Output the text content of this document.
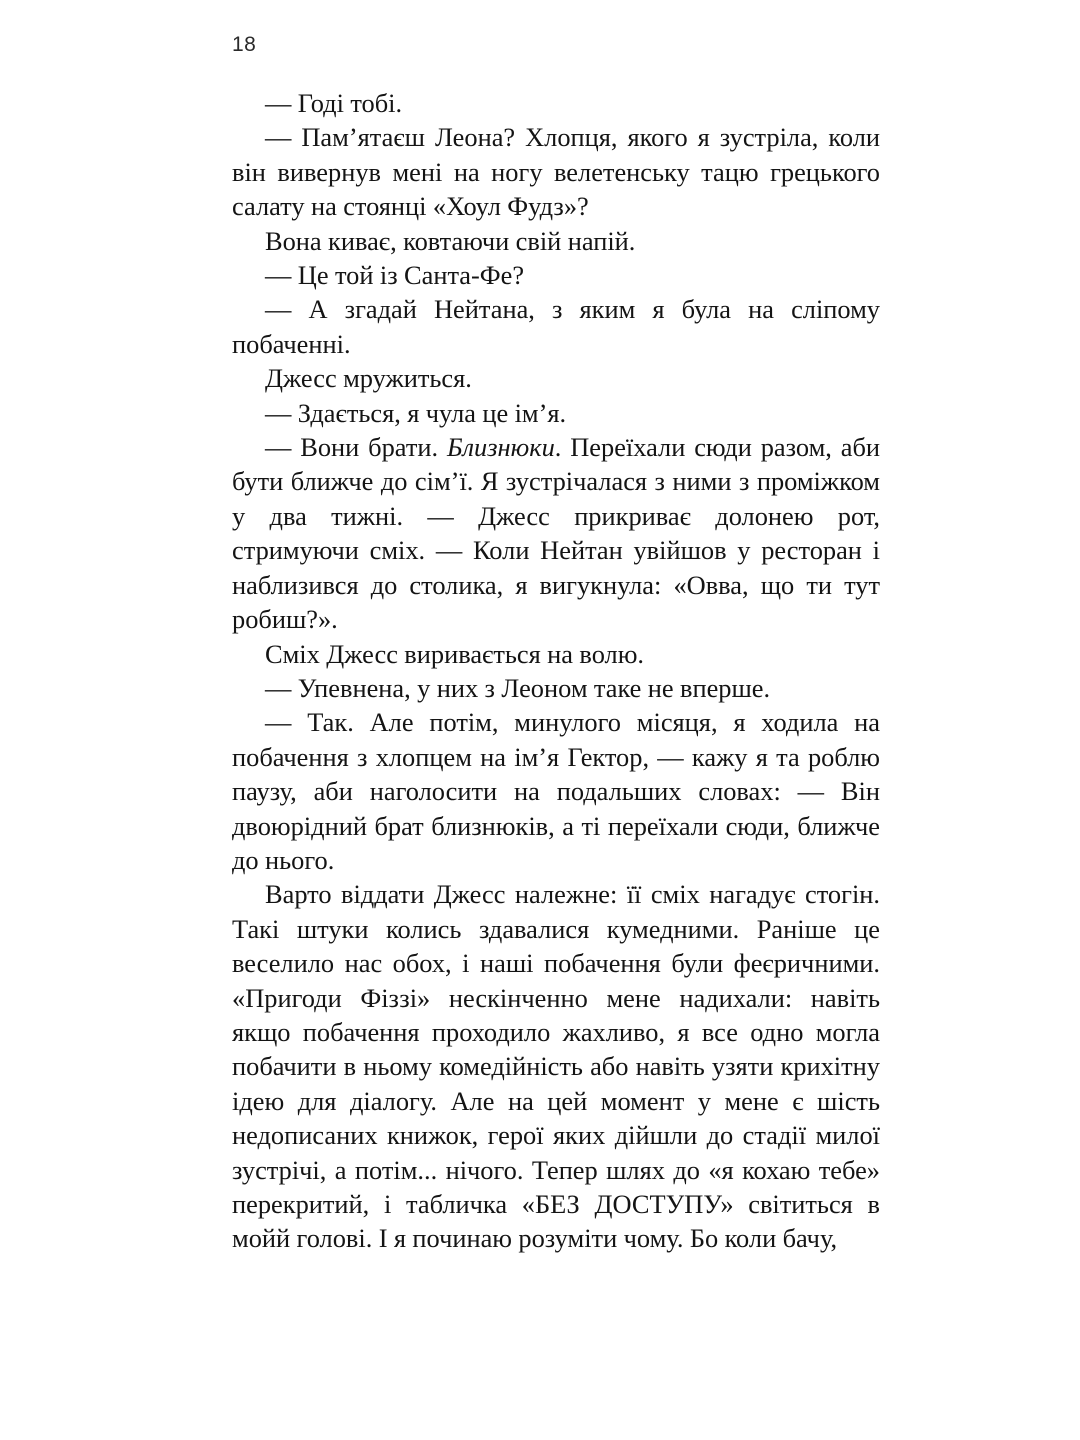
18

— Годі тобі.

— Пам’ятаєш Леона? Хлопця, якого я зустріла, коли він вивернув мені на ногу велетенську тацю грецького салату на стоянці «Хоул Фудз»?

Вона киває, ковтаючи свій напій.

— Це той із Санта-Фе?

— А згадай Нейтана, з яким я була на сліпому побаченні.

Джесс мружиться.

— Здається, я чула це ім’я.

— Вони брати. Близнюки. Переїхали сюди разом, аби бути ближче до сім’ї. Я зустрічалася з ними з проміжком у два тижні. — Джесс прикриває долонею рот, стримуючи сміх. — Коли Нейтан увійшов у ресторан і наблизився до столика, я вигукнула: «Овва, що ти тут робиш?».

Сміх Джесс виривається на волю.

— Упевнена, у них з Леоном таке не вперше.

— Так. Але потім, минулого місяця, я ходила на побачення з хлопцем на ім’я Гектор, — кажу я та роблю паузу, аби наголосити на подальших словах: — Він двоюрідний брат близнюків, а ті переїхали сюди, ближче до нього.

Варто віддати Джесс належне: її сміх нагадує стогін. Такі штуки колись здавалися кумедними. Раніше це веселило нас обох, і наші побачення були феєричними. «Пригоди Фіззі» нескінченно мене надихали: навіть якщо побачення проходило жахливо, я все одно могла побачити в ньому комедійність або навіть узяти крихітну ідею для діалогу. Але на цей момент у мене є шість недописаних книжок, герої яких дійшли до стадії милої зустрічі, а потім... нічого. Тепер шлях до «я кохаю тебе» перекритий, і табличка «БЕЗ ДОСТУПУ» світиться в мойй голові. І я починаю розуміти чому. Бо коли бачу,
